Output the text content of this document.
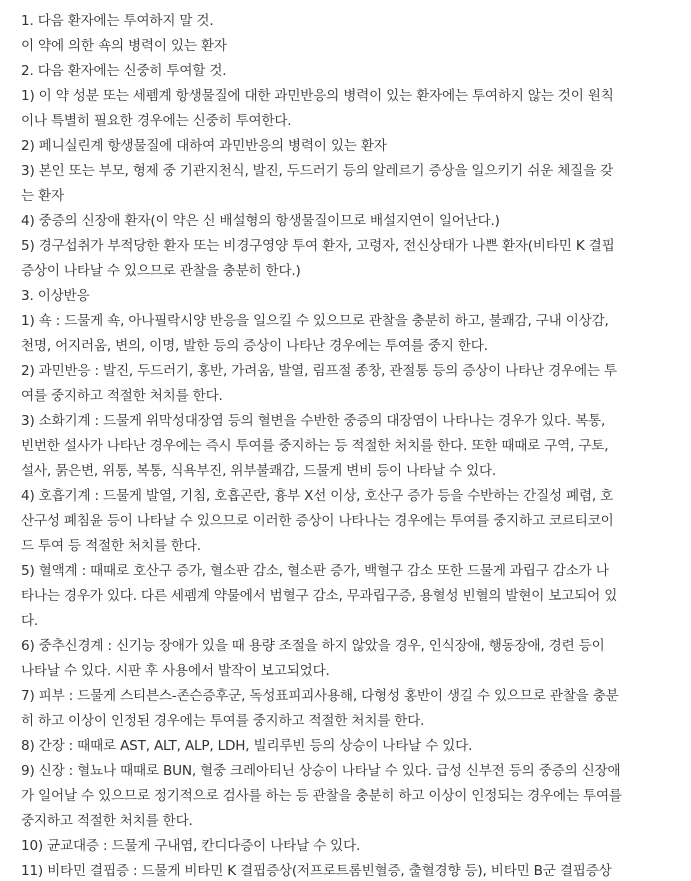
1. 다음 환자에는 투여하지 말 것.
이 약에 의한 쇽의 병력이 있는 환자
2. 다음 환자에는 신중히 투여할 것.
1) 이 약 성분 또는 세펨계 항생물질에 대한 과민반응의 병력이 있는 환자에는 투여하지 않는 것이 원칙
이나 특별히 필요한 경우에는 신중히 투여한다.
2) 페니실린계 항생물질에 대하여 과민반응의 병력이 있는 환자
3) 본인 또는 부모, 형제 중 기관지천식, 발진, 두드러기 등의 알레르기 증상을 일으키기 쉬운 체질을 갖
는 환자
4) 중증의 신장애 환자(이 약은 신 배설형의 항생물질이므로 배설지연이 일어난다.)
5) 경구섭취가 부적당한 환자 또는 비경구영양 투여 환자, 고령자, 전신상태가 나쁜 환자(비타민 K 결핍
증상이 나타날 수 있으므로 관찰을 충분히 한다.)
3. 이상반응
1) 쇽 : 드물게 쇽, 아나필락시양 반응을 일으킬 수 있으므로 관찰을 충분히 하고, 불쾌감, 구내 이상감,
천명, 어지러움, 변의, 이명, 발한 등의 증상이 나타난 경우에는 투여를 중지 한다.
2) 과민반응 : 발진, 두드러기, 홍반, 가려움, 발열, 림프절 종창, 관절통 등의 증상이 나타난 경우에는 투
여를 중지하고 적절한 처치를 한다.
3) 소화기계 : 드물게 위막성대장염 등의 혈변을 수반한 중증의 대장염이 나타나는 경우가 있다. 복통,
빈번한 설사가 나타난 경우에는 즉시 투여를 중지하는 등 적절한 처치를 한다. 또한 때때로 구역, 구토,
설사, 묽은변, 위통, 복통, 식욕부진, 위부불쾌감, 드물게 변비 등이 나타날 수 있다.
4) 호흡기계 : 드물게 발열, 기침, 호흡곤란, 흉부 X선 이상, 호산구 증가 등을 수반하는 간질성 폐렴, 호
산구성 폐침윤 등이 나타날 수 있으므로 이러한 증상이 나타나는 경우에는 투여를 중지하고 코르티코이
드 투여 등 적절한 처치를 한다.
5) 혈액계 : 때때로 호산구 증가, 혈소판 감소, 혈소판 증가, 백혈구 감소 또한 드물게 과립구 감소가 나
타나는 경우가 있다. 다른 세펨계 약물에서 범혈구 감소, 무과립구증, 용혈성 빈혈의 발현이 보고되어 있
다.
6) 중추신경계 : 신기능 장애가 있을 때 용량 조절을 하지 않았을 경우, 인식장애, 행동장애, 경련 등이
나타날 수 있다. 시판 후 사용에서 발작이 보고되었다.
7) 피부 : 드물게 스티븐스-존슨증후군, 독성표피괴사용해, 다형성 홍반이 생길 수 있으므로 관찰을 충분
히 하고 이상이 인정된 경우에는 투여를 중지하고 적절한 처치를 한다.
8) 간장 : 때때로 AST, ALT, ALP, LDH, 빌리루빈 등의 상승이 나타날 수 있다.
9) 신장 : 혈뇨나 때때로 BUN, 혈중 크레아티닌 상승이 나타날 수 있다. 급성 신부전 등의 중증의 신장애
가 일어날 수 있으므로 정기적으로 검사를 하는 등 관찰을 충분히 하고 이상이 인정되는 경우에는 투여를
중지하고 적절한 처치를 한다.
10) 균교대증 : 드물게 구내염, 칸디다증이 나타날 수 있다.
11) 비타민 결핍증 : 드물게 비타민 K 결핍증상(저프로트롬빈혈증, 출혈경향 등), 비타민 B군 결핍증상
